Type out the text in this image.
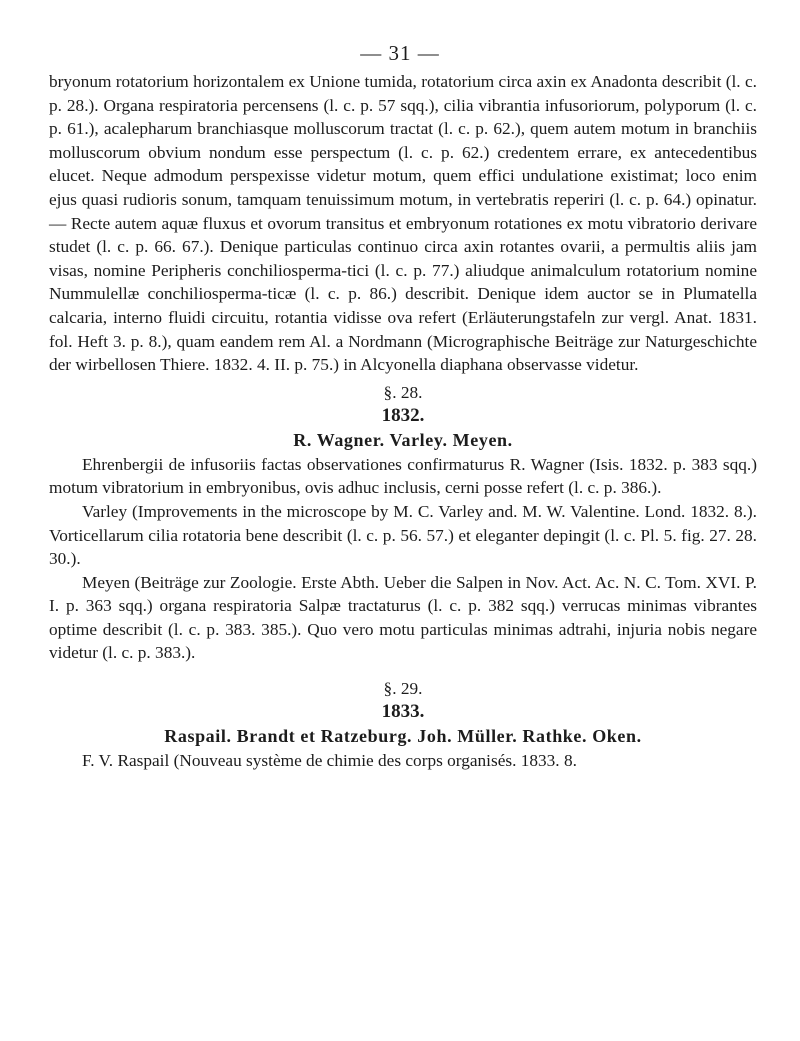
— 31 —

bryonum rotatorium horizontalem ex Unione tumida, rotatorium circa axin ex Anadonta describit (l. c. p. 28.). Organa respiratoria percensens (l. c. p. 57 sqq.), cilia vibrantia infusoriorum, polyporum (l. c. p. 61.), acalepharum branchiasque molluscorum tractat (l. c. p. 62.), quem autem motum in branchiis molluscorum obvium nondum esse perspectum (l. c. p. 62.) credentem errare, ex antecedentibus elucet. Neque admodum perspexisse videtur motum, quem effici undulatione existimat; loco enim ejus quasi rudioris sonum, tamquam tenuissimum motum, in vertebratis reperiri (l. c. p. 64.) opinatur. — Recte autem aquæ fluxus et ovorum transitus et embryonum rotationes ex motu vibratorio derivare studet (l. c. p. 66. 67.). Denique particulas continuo circa axin rotantes ovarii, a permultis aliis jam visas, nomine Peripheris conchiliosperma-tici (l. c. p. 77.) aliudque animalculum rotatorium nomine Nummulellæ conchiliosperma-ticæ (l. c. p. 86.) describit. Denique idem auctor se in Plumatella calcaria, interno fluidi circuitu, rotantia vidisse ova refert (Erläuterungstafeln zur vergl. Anat. 1831. fol. Heft 3. p. 8.), quam eandem rem Al. a Nordmann (Micrographische Beiträge zur Naturgeschichte der wirbellosen Thiere. 1832. 4. II. p. 75.) in Alcyonella diaphana observasse videtur.

§. 28.
1832.
R. Wagner. Varley. Meyen.

Ehrenbergii de infusoriis factas observationes confirmaturus R. Wagner (Isis. 1832. p. 383 sqq.) motum vibratorium in embryonibus, ovis adhuc inclusis, cerni posse refert (l. c. p. 386.).

Varley (Improvements in the microscope by M. C. Varley and. M. W. Valentine. Lond. 1832. 8.). Vorticellarum cilia rotatoria bene describit (l. c. p. 56. 57.) et eleganter depingit (l. c. Pl. 5. fig. 27. 28. 30.).

Meyen (Beiträge zur Zoologie. Erste Abth. Ueber die Salpen in Nov. Act. Ac. N. C. Tom. XVI. P. I. p. 363 sqq.) organa respiratoria Salpæ tractaturus (l. c. p. 382 sqq.) verrucas minimas vibrantes optime describit (l. c. p. 383. 385.). Quo vero motu particulas minimas adtrahi, injuria nobis negare videtur (l. c. p. 383.).

§. 29.
1833.
Raspail. Brandt et Ratzeburg. Joh. Müller. Rathke. Oken.

F. V. Raspail (Nouveau système de chimie des corps organisés. 1833. 8.
